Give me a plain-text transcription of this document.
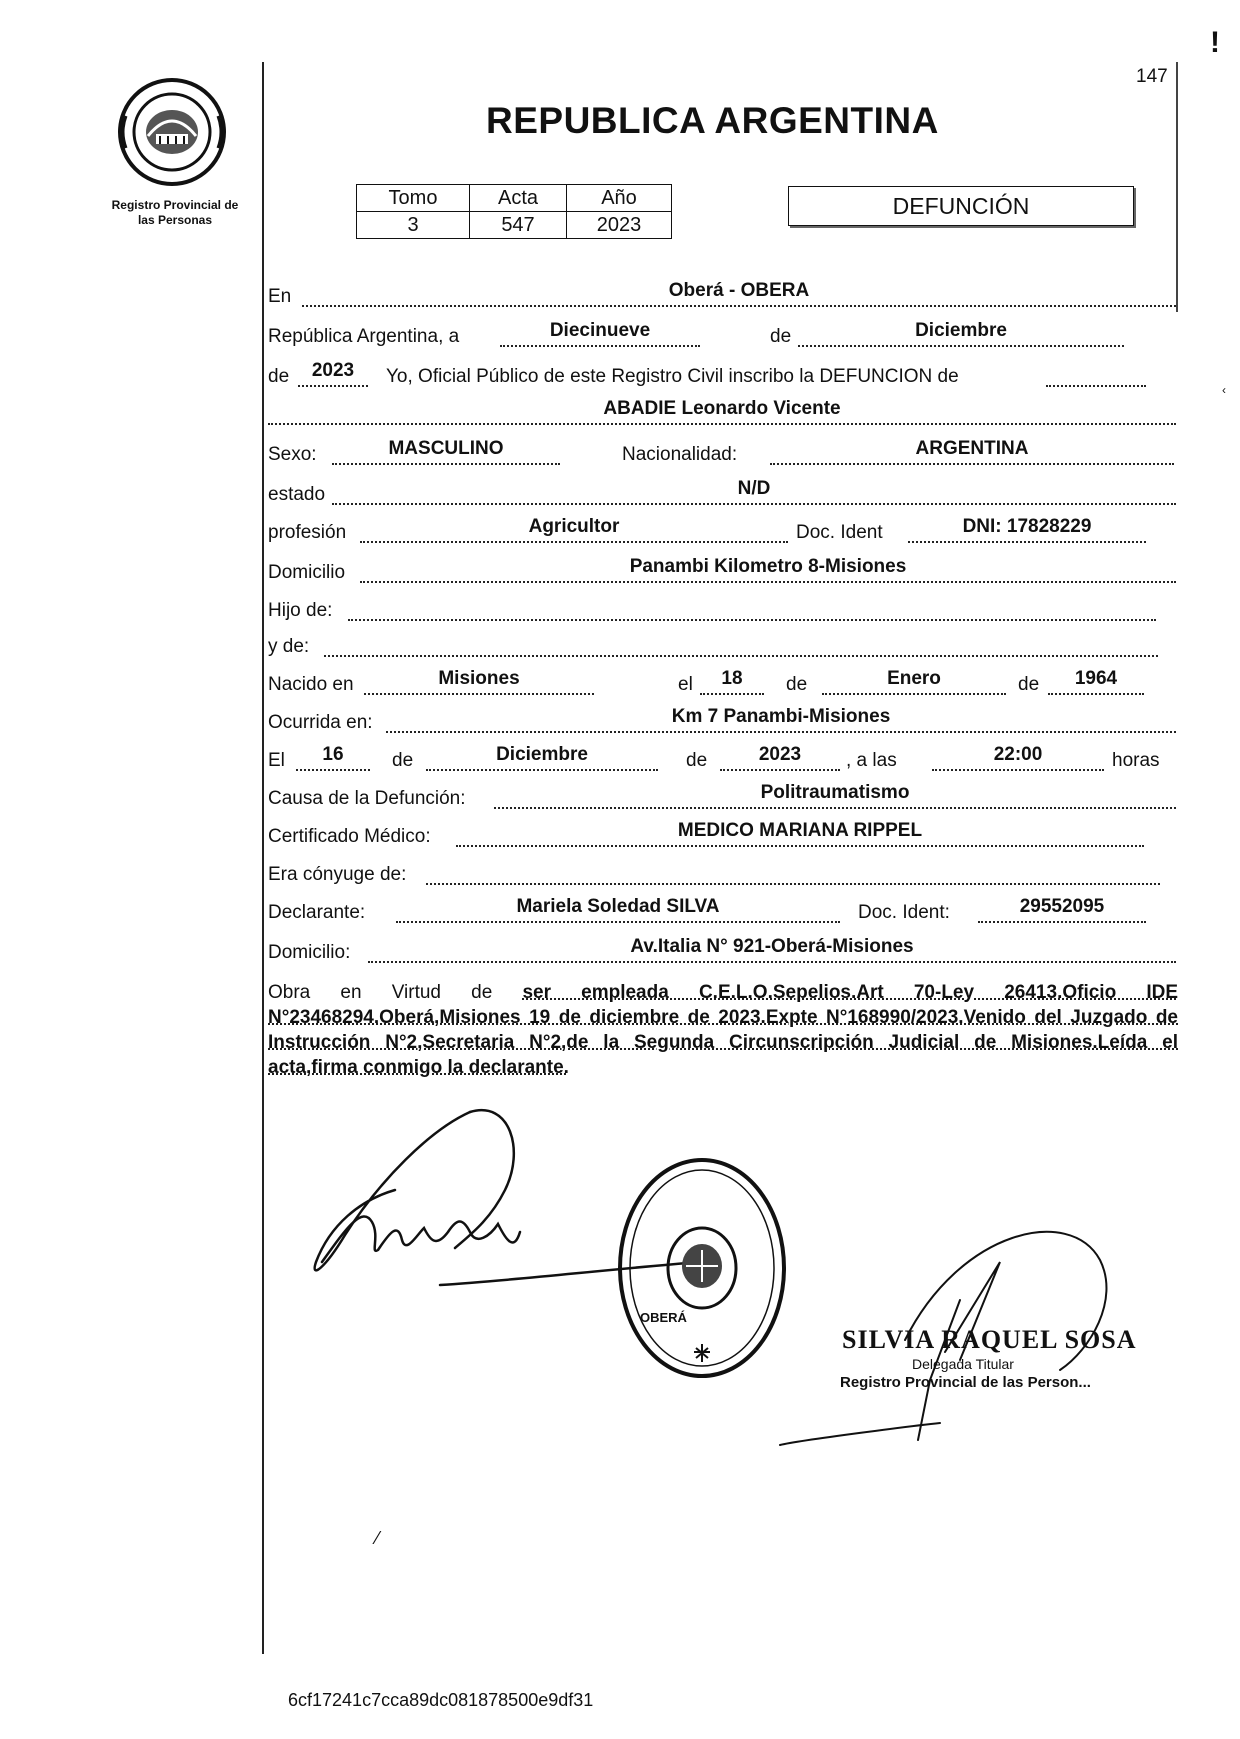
147
!
‹
Registro Provincial de
las Personas
REPUBLICA ARGENTINA
Tomo	Acta	Año
3	547	2023
DEFUNCIÓN
En	Oberá - OBERA
República Argentina, a	Diecinueve	de	Diciembre
de	2023	Yo, Oficial Público de este Registro Civil inscribo la DEFUNCION de
ABADIE Leonardo Vicente
Sexo:	MASCULINO	Nacionalidad:	ARGENTINA
estado	N/D
profesión	Agricultor	Doc. Ident	DNI: 17828229
Domicilio	Panambi Kilometro 8-Misiones
Hijo de:
y de:
Nacido en	Misiones	el	18	de	Enero	de	1964
Ocurrida en:	Km 7 Panambi-Misiones
El	16	de	Diciembre	de	2023	, a las	22:00	horas
Causa de la Defunción:	Politraumatismo
Certificado Médico:	MEDICO MARIANA RIPPEL
Era cónyuge de:
Declarante:	Mariela Soledad SILVA	Doc. Ident:	29552095
Domicilio:	Av.Italia N° 921-Oberá-Misiones
Obra en Virtud de ser empleada C.E.L.O.Sepelios.Art 70-Ley 26413.Oficio IDE N°23468294.Oberá,Misiones 19 de diciembre de 2023.Expte N°168990/2023.Venido del Juzgado de Instrucción N°2,Secretaria N°2,de la Segunda Circunscripción Judicial de Misiones.Leída el acta,firma conmigo la declarante.
OBERÁ
SILVIA RAQUEL SOSA
Delegada Titular
Registro Provincial de las Person...
⁄
6cf17241c7cca89dc081878500e9df31
